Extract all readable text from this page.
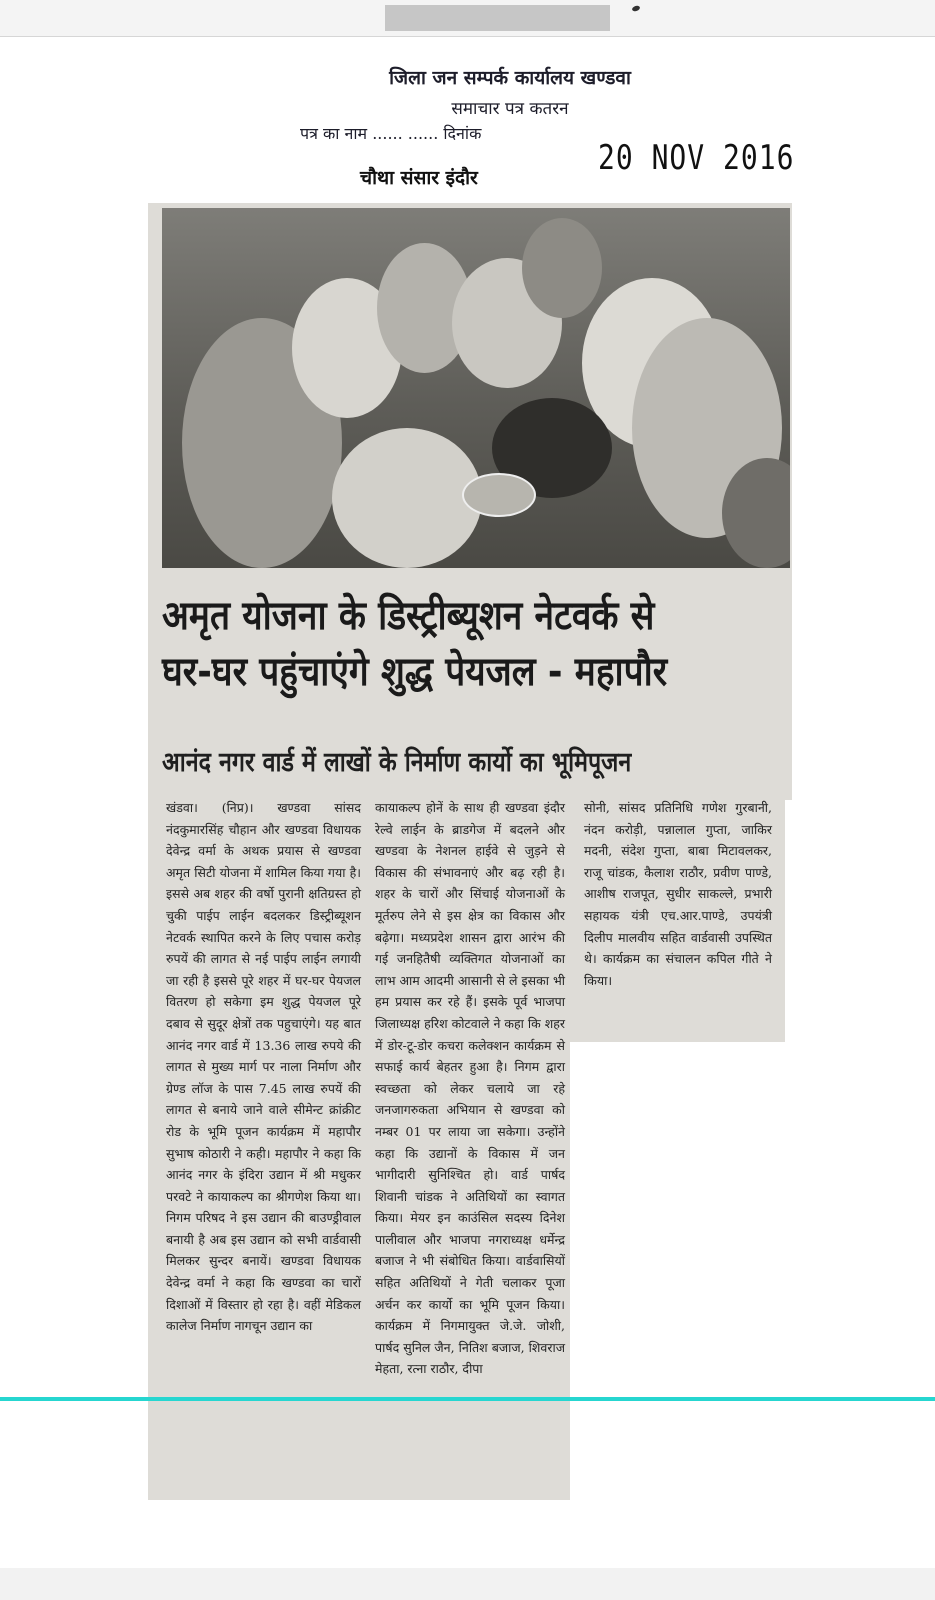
जिला जन सम्पर्क कार्यालय खण्डवा
समाचार पत्र कतरन
पत्र का नाम ...... ...... दिनांक
20 NOV 2016
चौथा संसार इंदौर
अमृत योजना के डिस्ट्रीब्यूशन नेटवर्क से
घर-घर पहुंचाएंगे शुद्ध पेयजल - महापौर
आनंद नगर वार्ड में लाखों के निर्माण कार्यो का भूमिपूजन
खंडवा। (निप्र)। खण्डवा सांसद नंदकुमारसिंह चौहान और खण्डवा विधायक देवेन्द्र वर्मा के अथक प्रयास से खण्डवा अमृत सिटी योजना में शामिल किया गया है। इससे अब शहर की वर्षो पुरानी क्षतिग्रस्त हो चुकी पाईप लाईन बदलकर डिस्ट्रीब्यूशन नेटवर्क स्थापित करने के लिए पचास करोड़ रुपयें की लागत से नई पाईप लाईन लगायी जा रही है इससे पूरे शहर में घर-घर पेयजल वितरण हो सकेगा इम शुद्ध पेयजल पूरे दबाव से सुदूर क्षेत्रों तक पहुचाएंगे। यह बात आनंद नगर वार्ड में 13.36 लाख रुपये की लागत से मुख्य मार्ग पर नाला निर्माण और ग्रेण्ड लॉज के पास 7.45 लाख रुपयें की लागत से बनाये जाने वाले सीमेन्ट क्रांक्रीट रोड के भूमि पूजन कार्यक्रम में महापौर सुभाष कोठारी ने कही। महापौर ने कहा कि आनंद नगर के इंदिरा उद्यान में श्री मधुकर परवटे ने कायाकल्प का श्रीगणेश किया था। निगम परिषद ने इस उद्यान की बाउण्ड्रीवाल बनायी है अब इस उद्यान को सभी वार्डवासी मिलकर सुन्दर बनायें। खण्डवा विधायक देवेन्द्र वर्मा ने कहा कि खण्डवा का चारों दिशाओं में विस्तार हो रहा है। वहीं मेडिकल कालेज निर्माण नागचून उद्यान का
कायाकल्प होनें के साथ ही खण्डवा इंदौर रेल्वे लाईन के ब्राडगेज में बदलने और खण्डवा के नेशनल हाईवे से जुड़ने से विकास की संभावनाएं और बढ़ रही है। शहर के चारों और सिंचाई योजनाओं के मूर्तरुप लेने से इस क्षेत्र का विकास और बढ़ेगा। मध्यप्रदेश शासन द्वारा आरंभ की गई जनहितैषी व्यक्तिगत योजनाओं का लाभ आम आदमी आसानी से ले इसका भी हम प्रयास कर रहे हैं। इसके पूर्व भाजपा जिलाध्यक्ष हरिश कोटवाले ने कहा कि शहर में डोर-टू-डोर कचरा कलेक्शन कार्यक्रम से सफाई कार्य बेहतर हुआ है। निगम द्वारा स्वच्छता को लेकर चलाये जा रहे जनजागरुकता अभियान से खण्डवा को नम्बर 01 पर लाया जा सकेगा। उन्होंने कहा कि उद्यानों के विकास में जन भागीदारी सुनिश्चित हो। वार्ड पार्षद शिवानी चांडक ने अतिथियों का स्वागत किया। मेयर इन काउंसिल सदस्य दिनेश पालीवाल और भाजपा नगराध्यक्ष धर्मेन्द्र बजाज ने भी संबोधित किया। वार्डवासियों सहित अतिथियों ने गेती चलाकर पूजा अर्चन कर कार्यो का भूमि पूजन किया। कार्यक्रम में निगमायुक्त जे.जे. जोशी, पार्षद सुनिल जैन, नितिश बजाज, शिवराज मेहता, रत्ना राठौर, दीपा
सोनी, सांसद प्रतिनिधि गणेश गुरबानी, नंदन करोड़ी, पन्नालाल गुप्ता, जाकिर मदनी, संदेश गुप्ता, बाबा मिटावलकर, राजू चांडक, कैलाश राठौर, प्रवीण पाण्डे, आशीष राजपूत, सुधीर साकल्ले, प्रभारी सहायक यंत्री एच.आर.पाण्डे, उपयंत्री दिलीप मालवीय सहित वार्डवासी उपस्थित थे। कार्यक्रम का संचालन कपिल गीते ने किया।
